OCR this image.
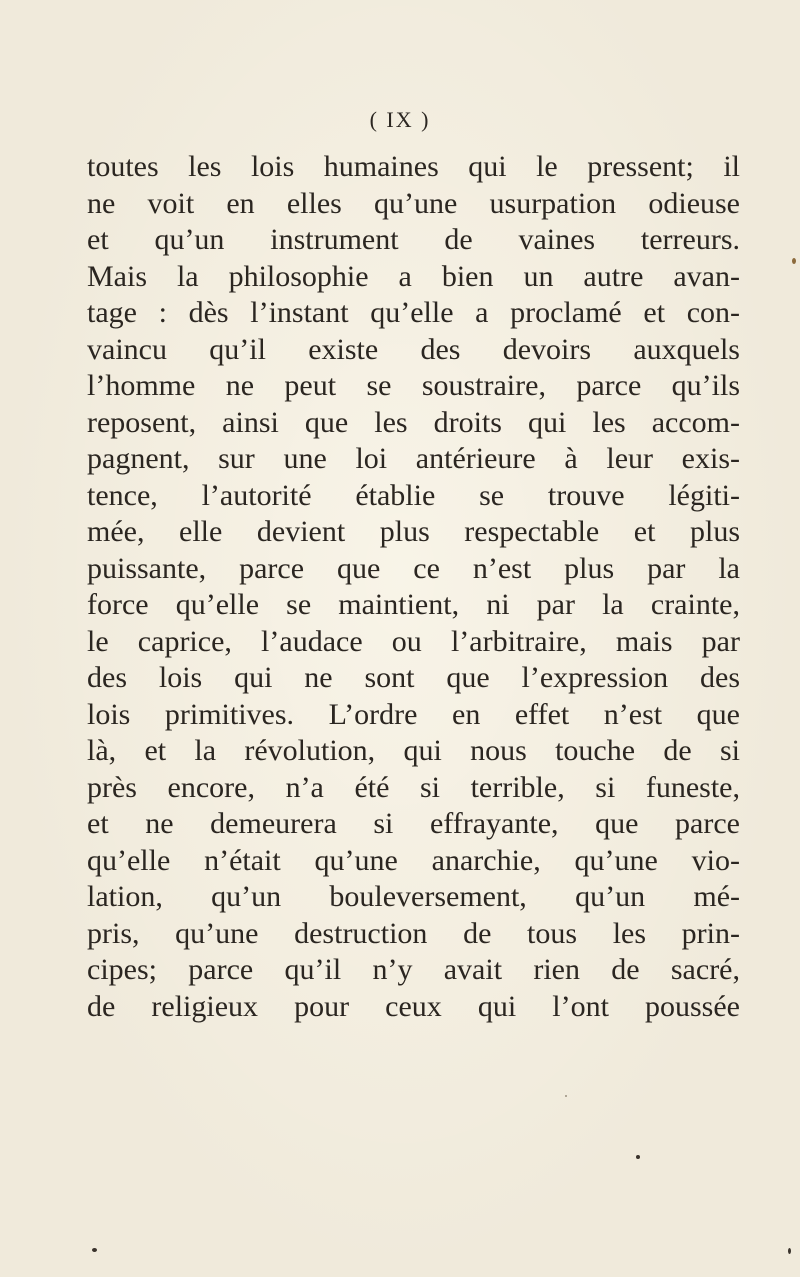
( IX )
toutes les lois humaines qui le pressent; il
ne voit en elles qu’une usurpation odieuse
et qu’un instrument de vaines terreurs.
Mais la philosophie a bien un autre avan-
tage : dès l’instant qu’elle a proclamé et con-
vaincu qu’il existe des devoirs auxquels
l’homme ne peut se soustraire, parce qu’ils
reposent, ainsi que les droits qui les accom-
pagnent, sur une loi antérieure à leur exis-
tence, l’autorité établie se trouve légiti-
mée, elle devient plus respectable et plus
puissante, parce que ce n’est plus par la
force qu’elle se maintient, ni par la crainte,
le caprice, l’audace ou l’arbitraire, mais par
des lois qui ne sont que l’expression des
lois primitives. L’ordre en effet n’est que
là, et la révolution, qui nous touche de si
près encore, n’a été si terrible, si funeste,
et ne demeurera si effrayante, que parce
qu’elle n’était qu’une anarchie, qu’une vio-
lation, qu’un bouleversement, qu’un mé-
pris, qu’une destruction de tous les prin-
cipes; parce qu’il n’y avait rien de sacré,
de religieux pour ceux qui l’ont poussée
